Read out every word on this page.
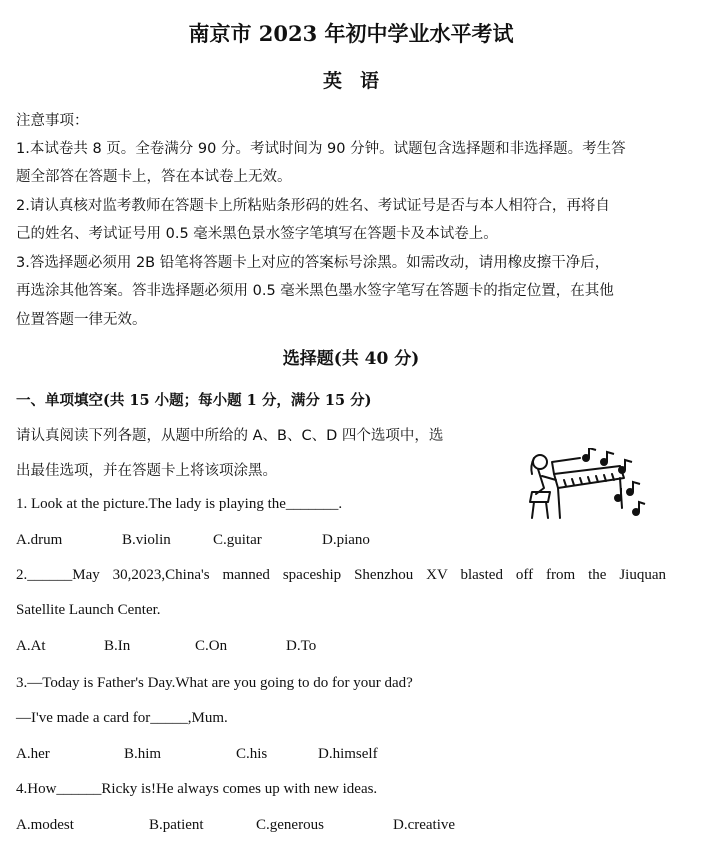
南京市 2023 年初中学业水平考试
英语
注意事项：
1.本试卷共 8 页。全卷满分 90 分。考试时间为 90 分钟。试题包含选择题和非选择题。考生答
题全部答在答题卡上，答在本试卷上无效。
2.请认真核对监考教师在答题卡上所粘贴条形码的姓名、考试证号是否与本人相符合，再将自
己的姓名、考试证号用 0.5 毫米黑色景水签字笔填写在答题卡及本试卷上。
3.答选择题必须用 2B 铅笔将答题卡上对应的答案标号涂黑。如需改动，请用橡皮擦干净后，
再选涂其他答案。答非选择题必须用 0.5 毫米黑色墨水签字笔写在答题卡的指定位置，在其他
位置答题一律无效。
选择题(共 40 分)
一、单项填空(共 15 小题；每小题 1 分，满分 15 分)
请认真阅读下列各题，从题中所给的 A、B、C、D 四个选项中，选
出最佳选项，并在答题卡上将该项涂黑。
1. Look at the picture.The lady is playing the_______.
A.drum	B.violin	C.guitar	D.piano
2.______May 30,2023,China's manned spaceship Shenzhou XV blasted off from the Jiuquan
Satellite Launch Center.
A.At	B.In	C.On	D.To
3.—Today is Father's Day.What are you going to do for your dad?
—I've made a card for_____,Mum.
A.her	B.him	C.his	D.himself
4.How______Ricky is!He always comes up with new ideas.
A.modest	B.patient	C.generous	D.creative
